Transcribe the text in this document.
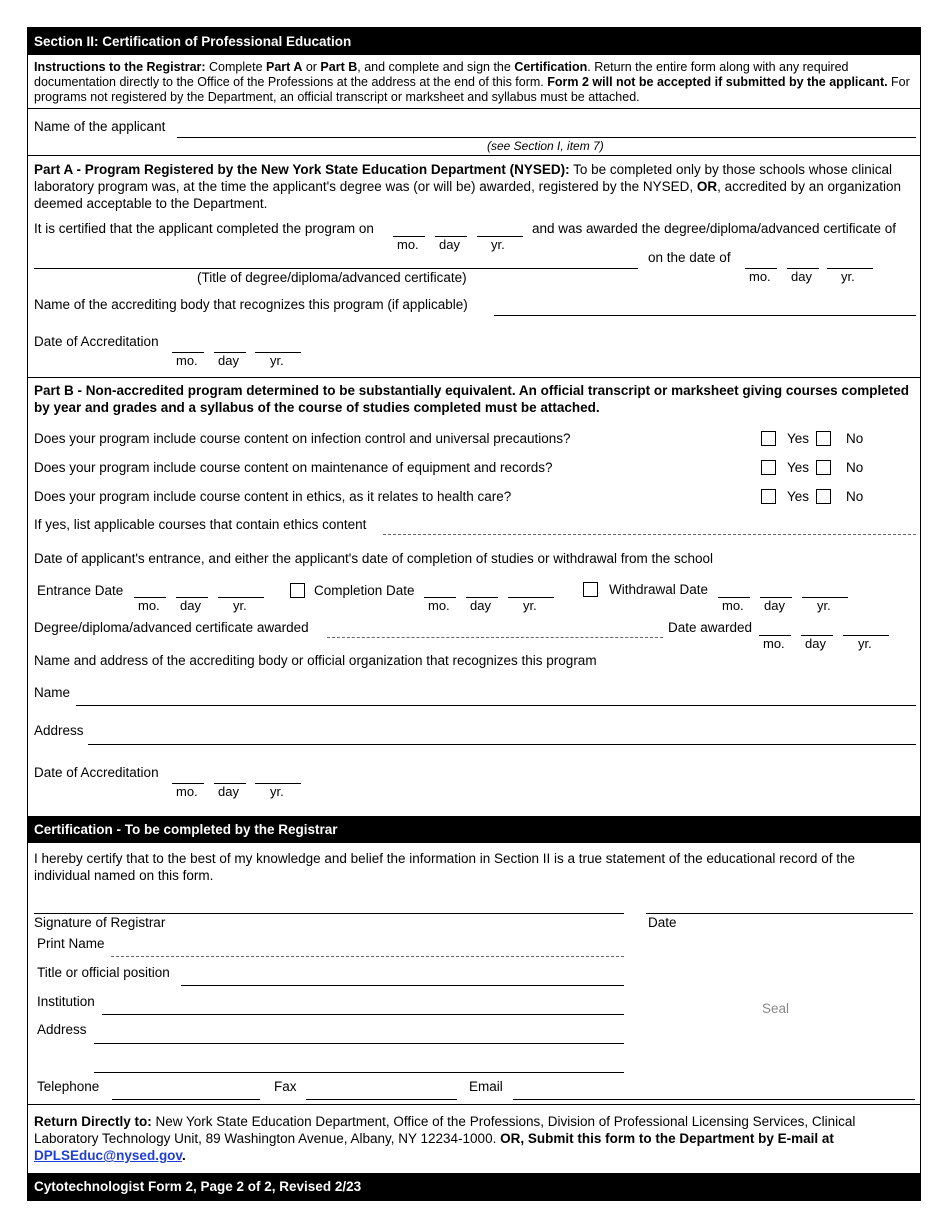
Section II: Certification of Professional Education
Instructions to the Registrar: Complete Part A or Part B, and complete and sign the Certification. Return the entire form along with any required documentation directly to the Office of the Professions at the address at the end of this form. Form 2 will not be accepted if submitted by the applicant. For programs not registered by the Department, an official transcript or marksheet and syllabus must be attached.
Name of the applicant
(see Section I, item 7)
Part A - Program Registered by the New York State Education Department (NYSED): To be completed only by those schools whose clinical laboratory program was, at the time the applicant's degree was (or will be) awarded, registered by the NYSED, OR, accredited by an organization deemed acceptable to the Department.
It is certified that the applicant completed the program on
mo. day yr.
and was awarded the degree/diploma/advanced certificate of
on the date of
(Title of degree/diploma/advanced certificate)	mo. day yr.
Name of the accrediting body that recognizes this program (if applicable)
Date of Accreditation
mo. day yr.
Part B - Non-accredited program determined to be substantially equivalent. An official transcript or marksheet giving courses completed by year and grades and a syllabus of the course of studies completed must be attached.
Does your program include course content on infection control and universal precautions?	Yes	No
Does your program include course content on maintenance of equipment and records?	Yes	No
Does your program include course content in ethics, as it relates to health care?	Yes	No
If yes, list applicable courses that contain ethics content
Date of applicant's entrance, and either the applicant's date of completion of studies or withdrawal from the school
Entrance Date
mo. day yr.
Completion Date
mo. day yr.
Withdrawal Date
mo. day yr.
Degree/diploma/advanced certificate awarded	Date awarded
mo. day yr.
Name and address of the accrediting body or official organization that recognizes this program
Name
Address
Date of Accreditation
mo. day yr.
Certification - To be completed by the Registrar
I hereby certify that to the best of my knowledge and belief the information in Section II is a true statement of the educational record of the individual named on this form.
Signature of Registrar	Date
Print Name
Title or official position
Institution
Address
Seal
Telephone	Fax	Email
Return Directly to: New York State Education Department, Office of the Professions, Division of Professional Licensing Services, Clinical Laboratory Technology Unit, 89 Washington Avenue, Albany, NY 12234-1000. OR, Submit this form to the Department by E-mail at DPLSEduc@nysed.gov.
Cytotechnologist Form 2, Page 2 of 2, Revised 2/23
